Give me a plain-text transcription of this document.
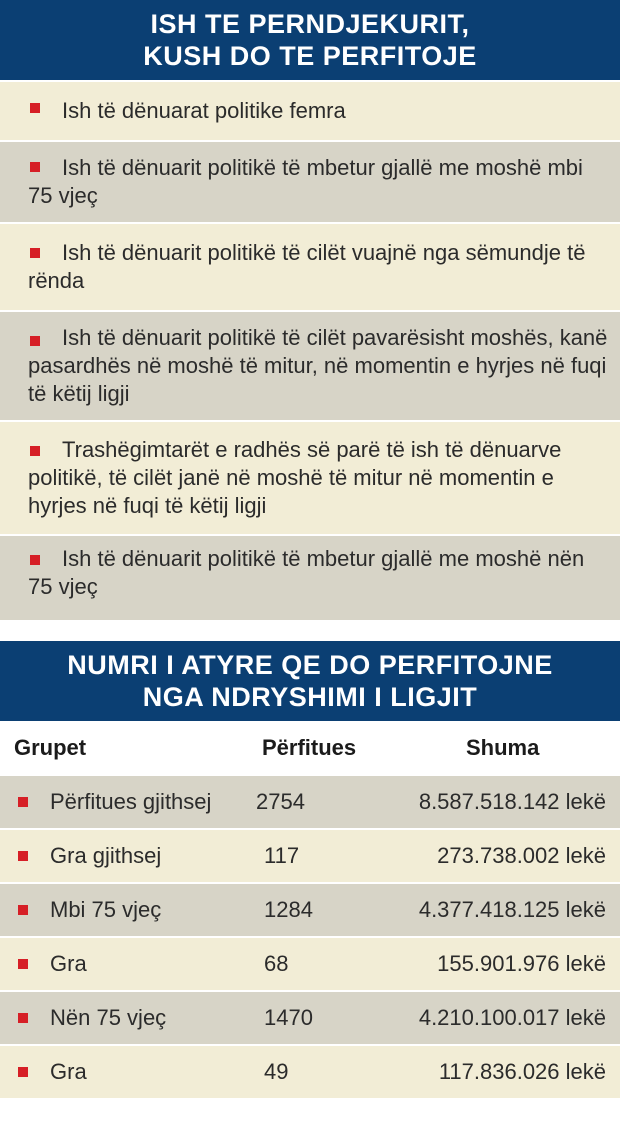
ISH TE PERNDJEKURIT,
KUSH DO TE PERFITOJE
Ish të dënuarat politike femra
Ish të dënuarit politikë të mbetur gjallë me moshë mbi 75 vjeç
Ish të dënuarit politikë të cilët vuajnë nga sëmundje të rënda
Ish të dënuarit politikë të cilët pavarësisht moshës, kanë pasardhës në moshë të mitur, në momentin e hyrjes në fuqi të këtij ligji
Trashëgimtarët e radhës së parë të ish të dënuarve politikë, të cilët janë në moshë të mitur në momentin e hyrjes në fuqi të këtij ligji
Ish të dënuarit politikë të mbetur gjallë me moshë nën 75 vjeç
NUMRI I ATYRE QE DO PERFITOJNE
NGA NDRYSHIMI I LIGJIT
Grupet	Përfitues	Shuma
Përfitues gjithsej 2754	8.587.518.142 lekë
Gra gjithsej	117	273.738.002 lekë
Mbi 75 vjeç	1284	4.377.418.125 lekë
Gra	68	155.901.976 lekë
Nën 75 vjeç	1470	4.210.100.017 lekë
Gra	49	117.836.026 lekë
